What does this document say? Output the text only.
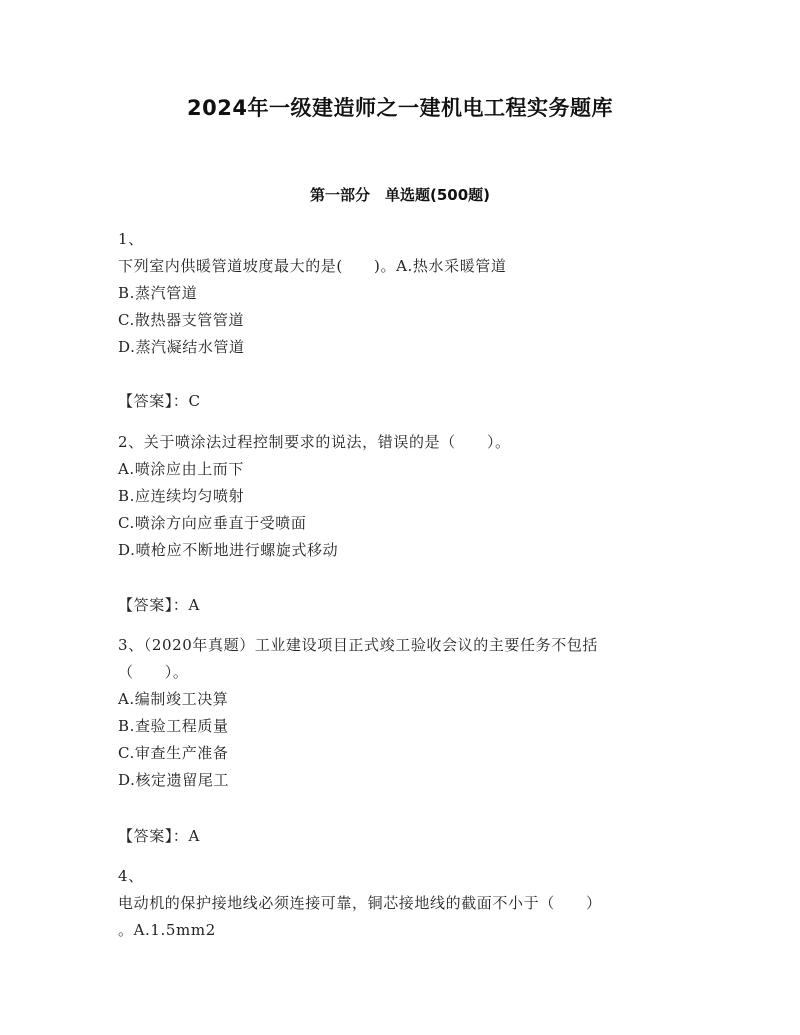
2024年一级建造师之一建机电工程实务题库
第一部分　单选题(500题)
1、
下列室内供暖管道坡度最大的是(　　)。A.热水采暖管道
B.蒸汽管道
C.散热器支管管道
D.蒸汽凝结水管道
【答案】：C
2、关于喷涂法过程控制要求的说法，错误的是（　　）。
A.喷涂应由上而下
B.应连续均匀喷射
C.喷涂方向应垂直于受喷面
D.喷枪应不断地进行螺旋式移动
【答案】：A
3、（2020年真题）工业建设项目正式竣工验收会议的主要任务不包括
（　　）。
A.编制竣工决算
B.查验工程质量
C.审查生产准备
D.核定遗留尾工
【答案】：A
4、
电动机的保护接地线必须连接可靠，铜芯接地线的截面不小于（　　）
。A.1.5mm2
